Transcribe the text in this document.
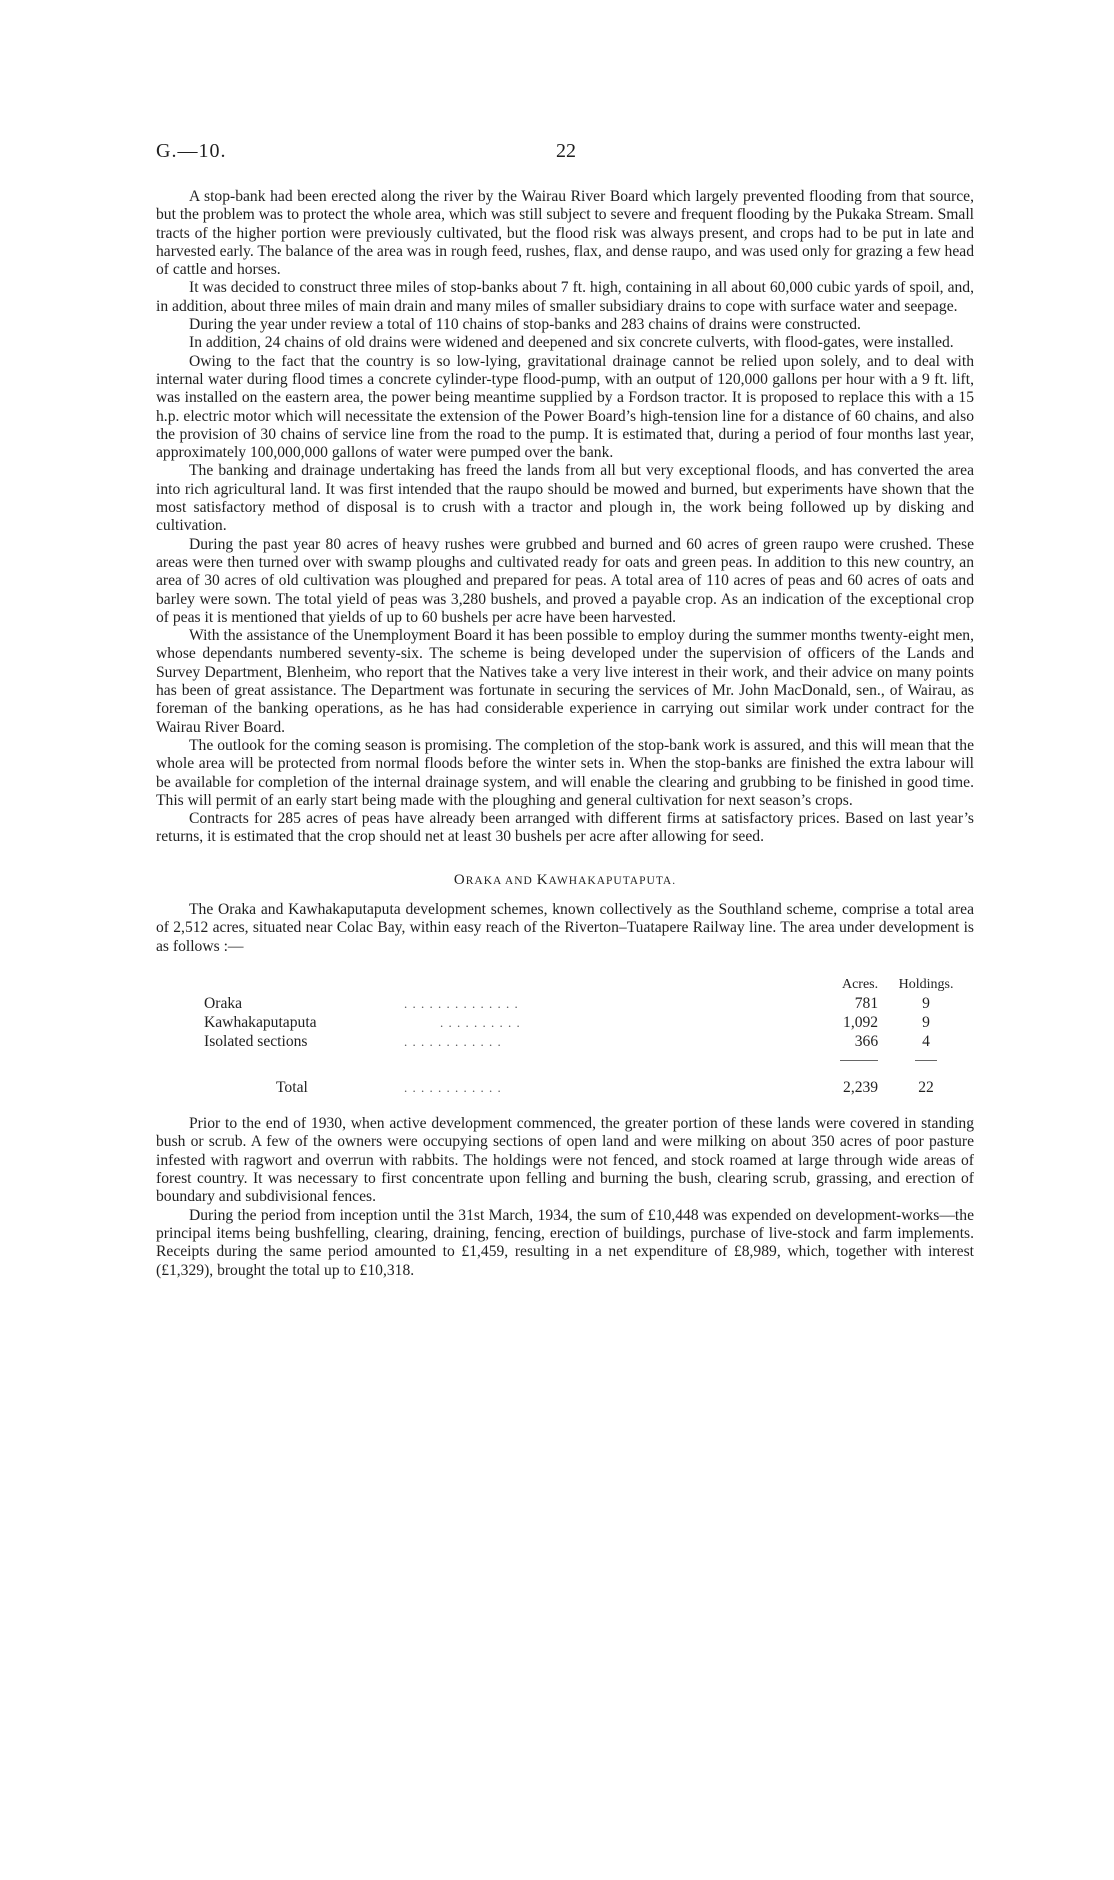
G.—10.	22

A stop-bank had been erected along the river by the Wairau River Board which largely prevented flooding from that source, but the problem was to protect the whole area, which was still subject to severe and frequent flooding by the Pukaka Stream. Small tracts of the higher portion were previously cultivated, but the flood risk was always present, and crops had to be put in late and harvested early. The balance of the area was in rough feed, rushes, flax, and dense raupo, and was used only for grazing a few head of cattle and horses.

It was decided to construct three miles of stop-banks about 7 ft. high, containing in all about 60,000 cubic yards of spoil, and, in addition, about three miles of main drain and many miles of smaller subsidiary drains to cope with surface water and seepage.

During the year under review a total of 110 chains of stop-banks and 283 chains of drains were constructed.

In addition, 24 chains of old drains were widened and deepened and six concrete culverts, with flood-gates, were installed.

Owing to the fact that the country is so low-lying, gravitational drainage cannot be relied upon solely, and to deal with internal water during flood times a concrete cylinder-type flood-pump, with an output of 120,000 gallons per hour with a 9 ft. lift, was installed on the eastern area, the power being meantime supplied by a Fordson tractor. It is proposed to replace this with a 15 h.p. electric motor which will necessitate the extension of the Power Board’s high-tension line for a distance of 60 chains, and also the provision of 30 chains of service line from the road to the pump. It is estimated that, during a period of four months last year, approximately 100,000,000 gallons of water were pumped over the bank.

The banking and drainage undertaking has freed the lands from all but very exceptional floods, and has converted the area into rich agricultural land. It was first intended that the raupo should be mowed and burned, but experiments have shown that the most satisfactory method of disposal is to crush with a tractor and plough in, the work being followed up by disking and cultivation.

During the past year 80 acres of heavy rushes were grubbed and burned and 60 acres of green raupo were crushed. These areas were then turned over with swamp ploughs and cultivated ready for oats and green peas. In addition to this new country, an area of 30 acres of old cultivation was ploughed and prepared for peas. A total area of 110 acres of peas and 60 acres of oats and barley were sown. The total yield of peas was 3,280 bushels, and proved a payable crop. As an indication of the exceptional crop of peas it is mentioned that yields of up to 60 bushels per acre have been harvested.

With the assistance of the Unemployment Board it has been possible to employ during the summer months twenty-eight men, whose dependants numbered seventy-six. The scheme is being developed under the supervision of officers of the Lands and Survey Department, Blenheim, who report that the Natives take a very live interest in their work, and their advice on many points has been of great assistance. The Department was fortunate in securing the services of Mr. John MacDonald, sen., of Wairau, as foreman of the banking operations, as he has had considerable experience in carrying out similar work under contract for the Wairau River Board.

The outlook for the coming season is promising. The completion of the stop-bank work is assured, and this will mean that the whole area will be protected from normal floods before the winter sets in. When the stop-banks are finished the extra labour will be available for completion of the internal drainage system, and will enable the clearing and grubbing to be finished in good time. This will permit of an early start being made with the ploughing and general cultivation for next season’s crops.

Contracts for 285 acres of peas have already been arranged with different firms at satisfactory prices. Based on last year’s returns, it is estimated that the crop should net at least 30 bushels per acre after allowing for seed.

ORAKA AND KAWHAKAPUTAPUTA.

The Oraka and Kawhakaputaputa development schemes, known collectively as the Southland scheme, comprise a total area of 2,512 acres, situated near Colac Bay, within easy reach of the Riverton–Tuatapere Railway line. The area under development is as follows :—

		Acres.	Holdings.
Oraka	. . . . . . . . . . . . . .	781	9
Kawhakaputaputa	. . . . . . . . . .	1,092	9
Isolated sections	. . . . . . . . . . . .	366	4

Total	. . . . . . . . . . . .	2,239	22

Prior to the end of 1930, when active development commenced, the greater portion of these lands were covered in standing bush or scrub. A few of the owners were occupying sections of open land and were milking on about 350 acres of poor pasture infested with ragwort and overrun with rabbits. The holdings were not fenced, and stock roamed at large through wide areas of forest country. It was necessary to first concentrate upon felling and burning the bush, clearing scrub, grassing, and erection of boundary and subdivisional fences.

During the period from inception until the 31st March, 1934, the sum of £10,448 was expended on development-works—the principal items being bushfelling, clearing, draining, fencing, erection of buildings, purchase of live-stock and farm implements. Receipts during the same period amounted to £1,459, resulting in a net expenditure of £8,989, which, together with interest (£1,329), brought the total up to £10,318.
